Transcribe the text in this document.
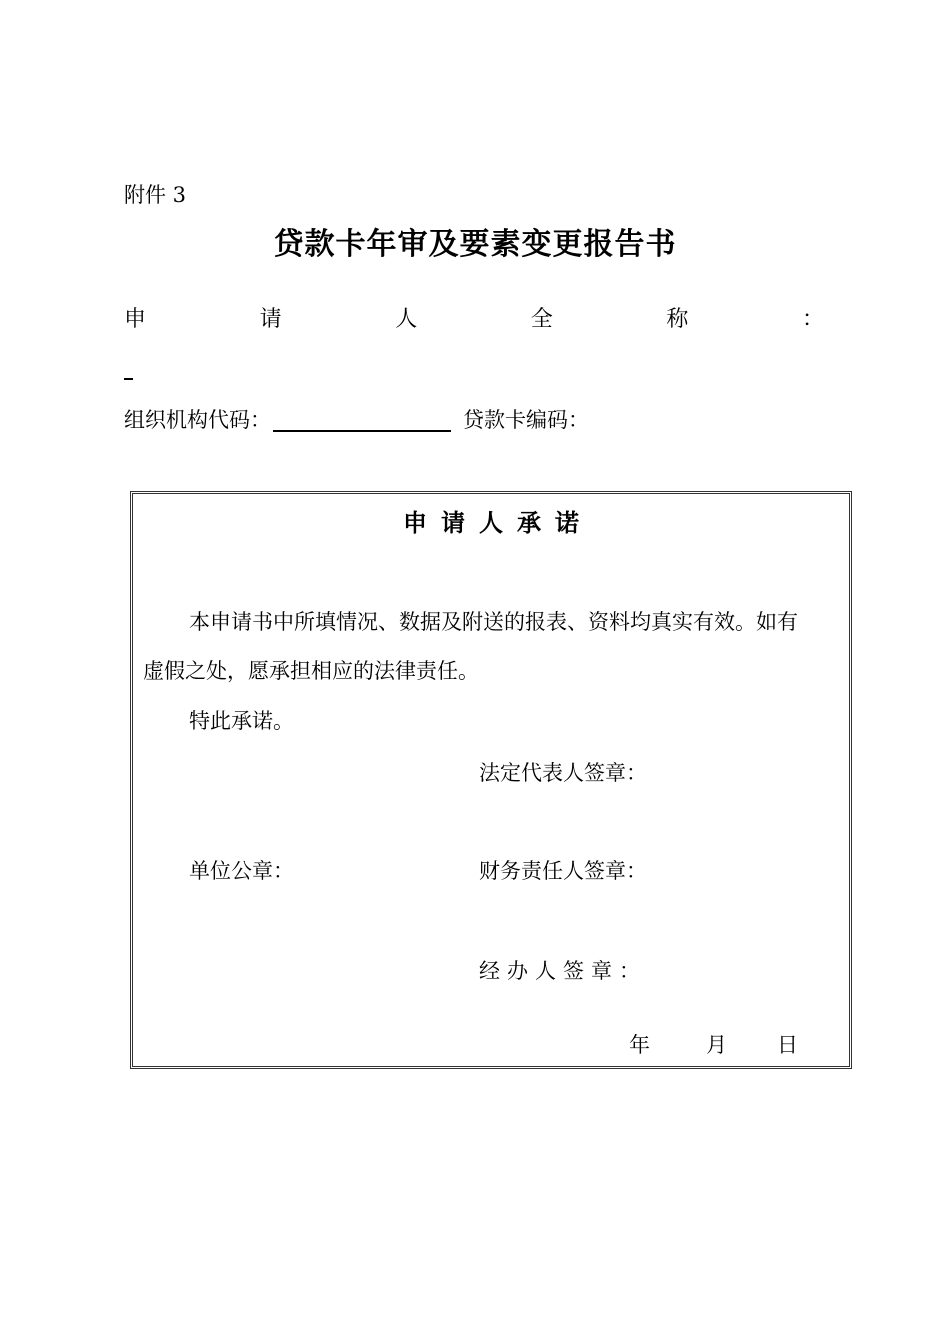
附件 3
贷款卡年审及要素变更报告书
申	请	人	全	称	：
组织机构代码：	贷款卡编码：
申请人承诺
本申请书中所填情况、数据及附送的报表、资料均真实有效。如有
虚假之处，愿承担相应的法律责任。
特此承诺。
法定代表人签章：
单位公章：	财务责任人签章：
经办人签章：
年	月 日
